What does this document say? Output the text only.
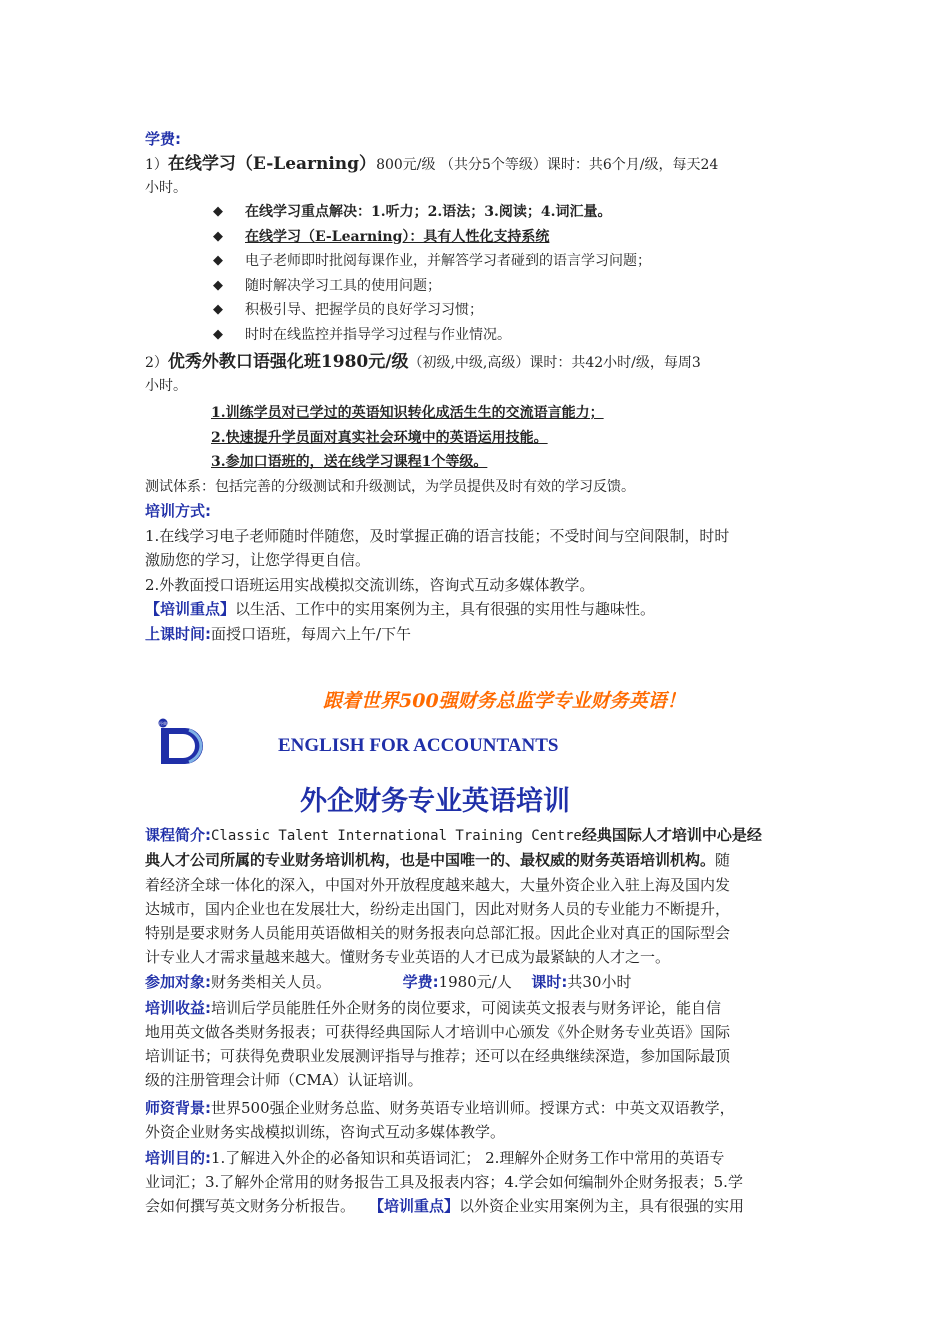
学费:
1）在线学习（E-Learning）800元/级 （共分5个等级）课时：共6个月/级，每天24
小时。
◆	在线学习重点解决：1.听力；2.语法；3.阅读；4.词汇量。
◆	在线学习（E-Learning）：具有人性化支持系统
◆	电子老师即时批阅每课作业，并解答学习者碰到的语言学习问题；
◆	随时解决学习工具的使用问题；
◆	积极引导、把握学员的良好学习习惯；
◆	时时在线监控并指导学习过程与作业情况。
2）优秀外教口语强化班1980元/级（初级,中级,高级）课时：共42小时/级，每周3
小时。
1.训练学员对已学过的英语知识转化成活生生的交流语言能力；
2.快速提升学员面对真实社会环境中的英语运用技能。
3.参加口语班的，送在线学习课程1个等级。
测试体系：包括完善的分级测试和升级测试，为学员提供及时有效的学习反馈。
培训方式:
1.在线学习电子老师随时伴随您，及时掌握正确的语言技能；不受时间与空间限制，时时
激励您的学习，让您学得更自信。
2.外教面授口语班运用实战模拟交流训练，咨询式互动多媒体教学。
【培训重点】以生活、工作中的实用案例为主，具有很强的实用性与趣味性。
上课时间:面授口语班，每周六上午/下午
跟着世界500强财务总监学专业财务英语！
经典
ENGLISH FOR ACCOUNTANTS
外企财务专业英语培训
课程简介:Classic Talent International Training Centre经典国际人才培训中心是经
典人才公司所属的专业财务培训机构，也是中国唯一的、最权威的财务英语培训机构。随
着经济全球一体化的深入，中国对外开放程度越来越大，大量外资企业入驻上海及国内发
达城市，国内企业也在发展壮大，纷纷走出国门，因此对财务人员的专业能力不断提升，
特别是要求财务人员能用英语做相关的财务报表向总部汇报。因此企业对真正的国际型会
计专业人才需求量越来越大。懂财务专业英语的人才已成为最紧缺的人才之一。
参加对象:财务类相关人员。	学费:1980元/人 课时:共30小时
培训收益:培训后学员能胜任外企财务的岗位要求，可阅读英文报表与财务评论，能自信
地用英文做各类财务报表；可获得经典国际人才培训中心颁发《外企财务专业英语》国际
培训证书；可获得免费职业发展测评指导与推荐；还可以在经典继续深造，参加国际最顶
级的注册管理会计师（CMA）认证培训。
师资背景:世界500强企业财务总监、财务英语专业培训师。授课方式：中英文双语教学，
外资企业财务实战模拟训练，咨询式互动多媒体教学。
培训目的:1.了解进入外企的必备知识和英语词汇； 2.理解外企财务工作中常用的英语专
业词汇；3.了解外企常用的财务报告工具及报表内容；4.学会如何编制外企财务报表；5.学
会如何撰写英文财务分析报告。 【培训重点】以外资企业实用案例为主，具有很强的实用
